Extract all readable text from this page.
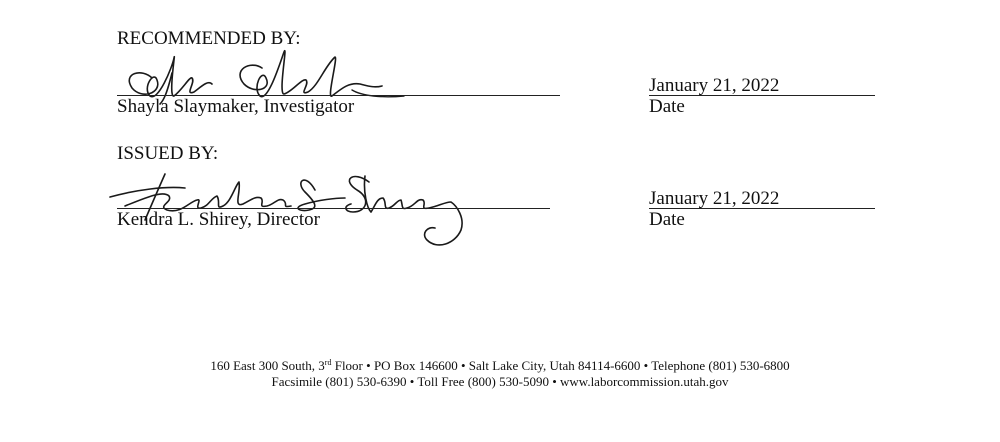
RECOMMENDED BY:
Shayla Slaymaker, Investigator
January 21, 2022
Date
ISSUED BY:
Kendra L. Shirey, Director
January 21, 2022
Date
160 East 300 South, 3rd Floor • PO Box 146600 • Salt Lake City, Utah 84114-6600 • Telephone (801) 530-6800
Facsimile (801) 530-6390 • Toll Free (800) 530-5090 • www.laborcommission.utah.gov
